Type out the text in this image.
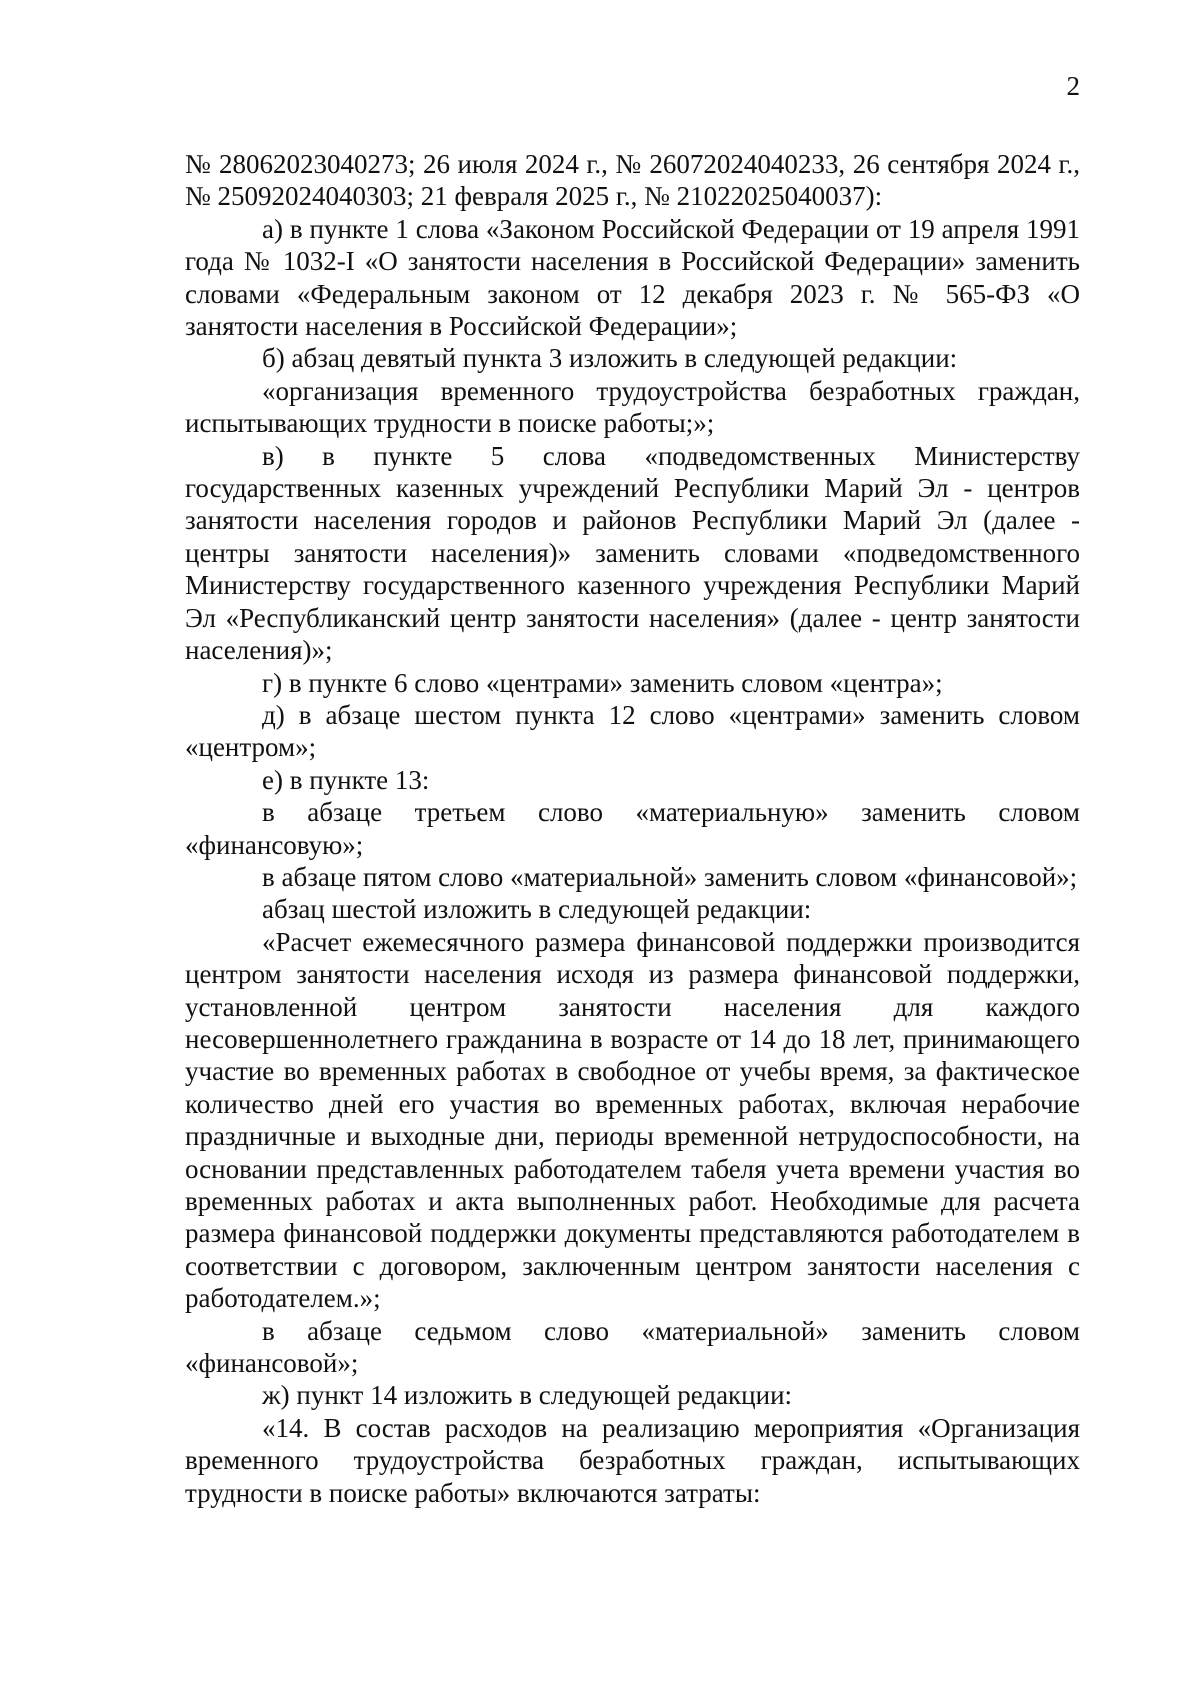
2

№ 28062023040273; 26 июля 2024 г., № 26072024040233, 26 сентября 2024 г., № 25092024040303; 21 февраля 2025 г., № 21022025040037):

а) в пункте 1 слова «Законом Российской Федерации от 19 апреля 1991 года № 1032-I «О занятости населения в Российской Федерации» заменить словами «Федеральным законом от 12 декабря 2023 г. № 565-ФЗ «О занятости населения в Российской Федерации»;

б) абзац девятый пункта 3 изложить в следующей редакции:

«организация временного трудоустройства безработных граждан, испытывающих трудности в поиске работы;»;

в) в пункте 5 слова «подведомственных Министерству государственных казенных учреждений Республики Марий Эл - центров занятости населения городов и районов Республики Марий Эл (далее - центры занятости населения)» заменить словами «подведомственного Министерству государственного казенного учреждения Республики Марий Эл «Республиканский центр занятости населения» (далее - центр занятости населения)»;

г) в пункте 6 слово «центрами» заменить словом «центра»;

д) в абзаце шестом пункта 12 слово «центрами» заменить словом «центром»;

е) в пункте 13:

в абзаце третьем слово «материальную» заменить словом «финансовую»;

в абзаце пятом слово «материальной» заменить словом «финансовой»;

абзац шестой изложить в следующей редакции:

«Расчет ежемесячного размера финансовой поддержки производится центром занятости населения исходя из размера финансовой поддержки, установленной центром занятости населения для каждого несовершеннолетнего гражданина в возрасте от 14 до 18 лет, принимающего участие во временных работах в свободное от учебы время, за фактическое количество дней его участия во временных работах, включая нерабочие праздничные и выходные дни, периоды временной нетрудоспособности, на основании представленных работодателем табеля учета времени участия во временных работах и акта выполненных работ. Необходимые для расчета размера финансовой поддержки документы представляются работодателем в соответствии с договором, заключенным центром занятости населения с работодателем.»;

в абзаце седьмом слово «материальной» заменить словом «финансовой»;

ж) пункт 14 изложить в следующей редакции:

«14. В состав расходов на реализацию мероприятия «Организация временного трудоустройства безработных граждан, испытывающих трудности в поиске работы» включаются затраты:
